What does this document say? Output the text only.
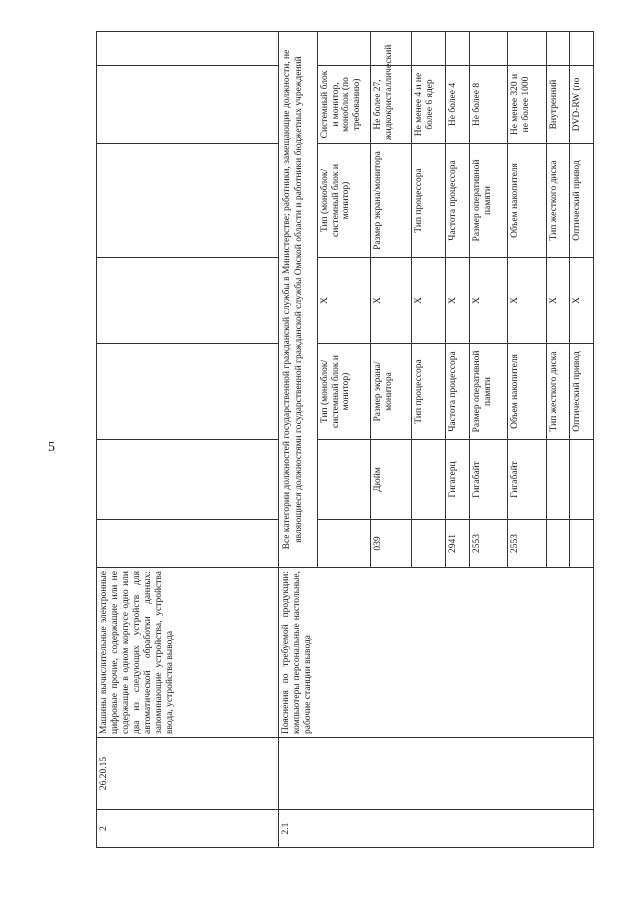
5
2	26.20.15	Машины вычислительные электронные цифровые прочие, содержащие или не содержащие в одном корпусе одно или два из следующих устройств для автоматической обработки данных: запоминающие устройства, устройства ввода, устройства вывода							
2.1		Пояснения по требуемой продукции: компьютеры персональные настольные, рабочие станции вывода	Все категории должностей государственной гражданской службы в Министерстве; работники, замещающие должности, не являющиеся должностями государственной гражданской службы Омской области и работники бюджетных учреждений						
					Тип (моноблок/системный блок и монитор)	X	Тип (моноблок/системный блок и монитор)	Системный блок и монитор, моноблок (по требованию)	
			039	Дюйм	Размер экрана/монитора	X	Размер экрана/монитора	Не более 27, жидкокристаллический	
					Тип процессора	X	Тип процессора	Не менее 4 и не более 6 ядер	
			2941	Гигагерц	Частота процессора	X	Частота процессора	Не более 4	
			2553	Гигабайт	Размер оперативной памяти	X	Размер оперативной памяти	Не более 8	
			2553	Гигабайт	Объем накопителя	X	Объем накопителя	Не менее 320 и не более 1000	
					Тип жесткого диска	X	Тип жесткого диска	Внутренний	
					Оптический привод	X	Оптический привод	DVD-RW (по	
